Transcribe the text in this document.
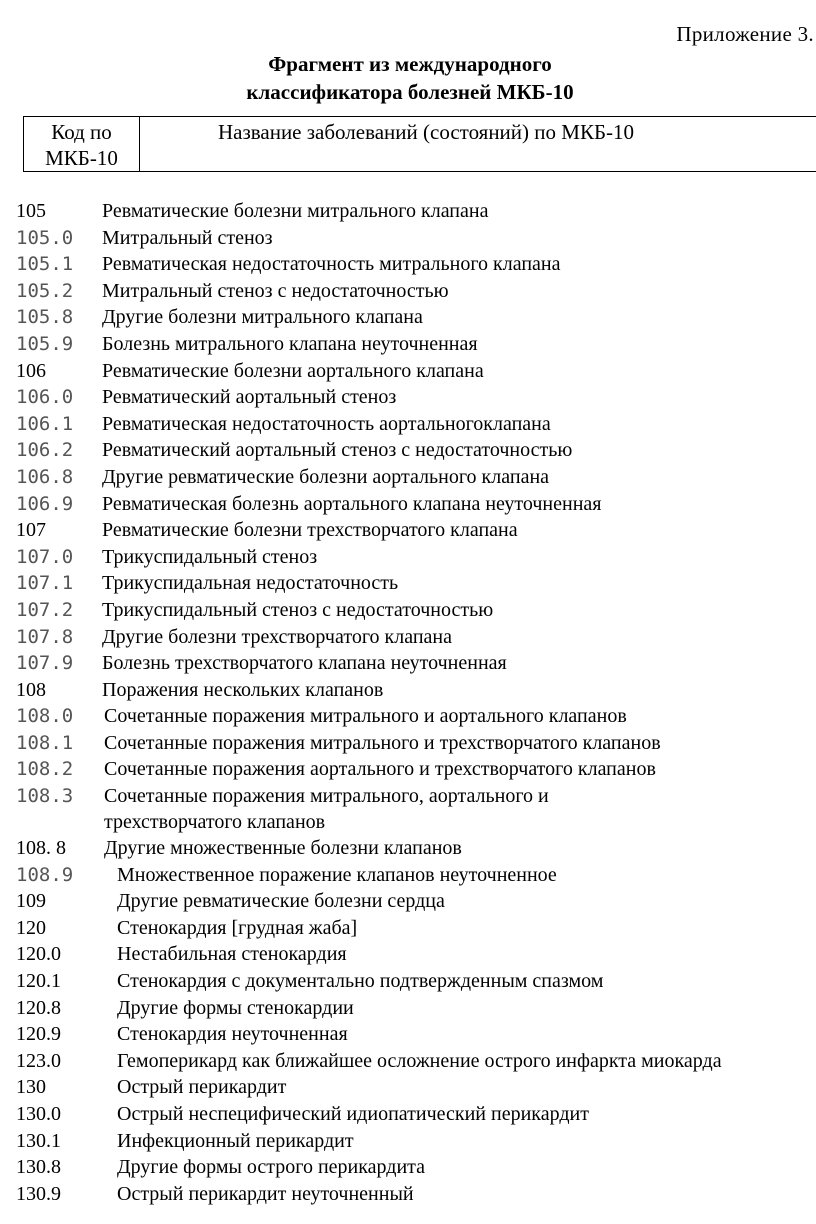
Приложение 3.
Фрагмент из международного
классификатора болезней МКБ-10
Код по
МКБ-10
	Название заболеваний (состояний) по МКБ-10
105	Ревматические болезни митрального клапана
105.0 Митральный стеноз
105.1 Ревматическая недостаточность митрального клапана
105.2 Митральный стеноз с недостаточностью
105.8 Другие болезни митрального клапана
105.9 Болезнь митрального клапана неуточненная
106	Ревматические болезни аортального клапана
106.0 Ревматический аортальный стеноз
106.1 Ревматическая недостаточность аортальногоклапана
106.2 Ревматический аортальный стеноз с недостаточностью
106.8 Другие ревматические болезни аортального клапана
106.9 Ревматическая болезнь аортального клапана неуточненная
107	Ревматические болезни трехстворчатого клапана
107.0 Трикуспидальный стеноз
107.1 Трикуспидальная недостаточность
107.2 Трикуспидальный стеноз с недостаточностью
107.8 Другие болезни трехстворчатого клапана
107.9 Болезнь трехстворчатого клапана неуточненная
108	Поражения нескольких клапанов
108.0 Сочетанные поражения митрального и аортального клапанов
108.1 Сочетанные поражения митрального и трехстворчатого клапанов
108.2 Сочетанные поражения аортального и трехстворчатого клапанов
108.3 Сочетанные поражения митрального, аортального и
трехстворчатого клапанов
108. 8 Другие множественные болезни клапанов
108.9 Множественное поражение клапанов неуточненное
109	Другие ревматические болезни сердца
120	Стенокардия [грудная жаба]
120.0	Нестабильная стенокардия
120.1	Стенокардия с документально подтвержденным спазмом
120.8	Другие формы стенокардии
120.9	Стенокардия неуточненная
123.0	Гемоперикард как ближайшее осложнение острого инфаркта миокарда
130	Острый перикардит
130.0	Острый неспецифический идиопатический перикардит
130.1	Инфекционный перикардит
130.8	Другие формы острого перикардита
130.9	Острый перикардит неуточненный
